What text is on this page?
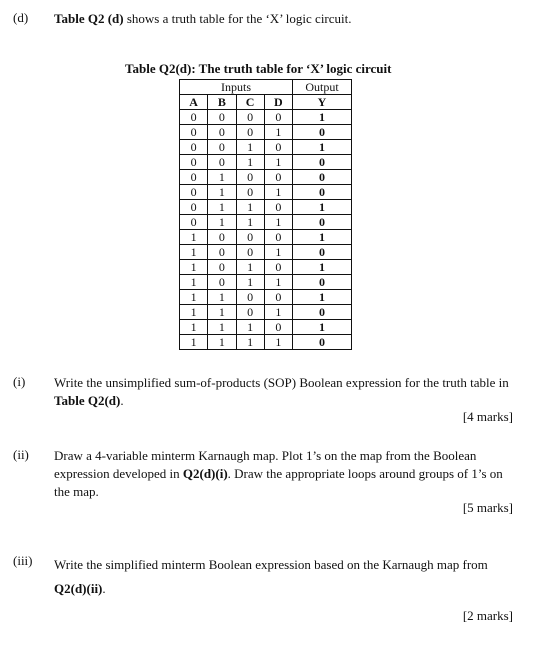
(d) Table Q2 (d) shows a truth table for the ‘X’ logic circuit.
Table Q2(d): The truth table for ‘X’ logic circuit
Inputs				Output
A	B	C	D	Y
0	0	0	0	1
0	0	0	1	0
0	0	1	0	1
0	0	1	1	0
0	1	0	0	0
0	1	0	1	0
0	1	1	0	1
0	1	1	1	0
1	0	0	0	1
1	0	0	1	0
1	0	1	0	1
1	0	1	1	0
1	1	0	0	1
1	1	0	1	0
1	1	1	0	1
1	1	1	1	0
(i) Write the unsimplified sum-of-products (SOP) Boolean expression for the truth table in Table Q2(d).
[4 marks]
(ii) Draw a 4-variable minterm Karnaugh map. Plot 1’s on the map from the Boolean expression developed in Q2(d)(i). Draw the appropriate loops around groups of 1’s on the map.
[5 marks]
(iii) Write the simplified minterm Boolean expression based on the Karnaugh map from Q2(d)(ii).
[2 marks]
